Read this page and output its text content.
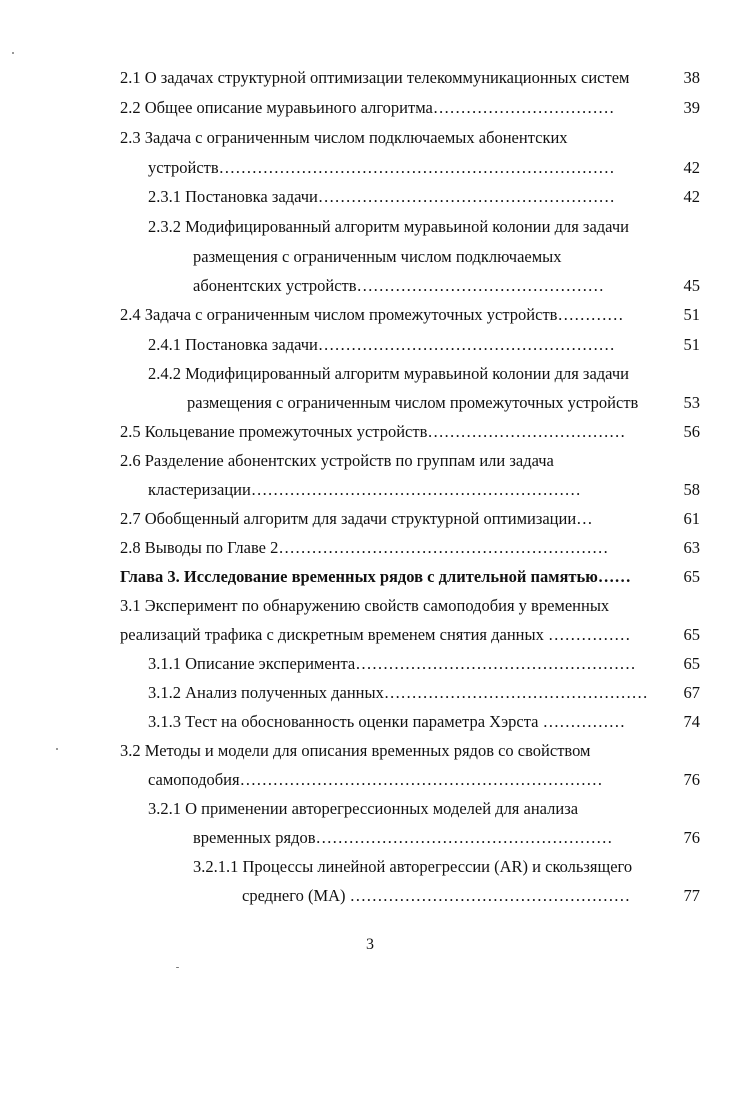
2.1 О задачах структурной оптимизации телекоммуникационных систем	38
2.2 Общее описание муравьиного алгоритма……………………………	39
2.3 Задача с ограниченным числом подключаемых абонентских
устройств………………………………………………………………	42
2.3.1 Постановка задачи………………………………………………	42
2.3.2 Модифицированный алгоритм муравьиной колонии для задачи
размещения с ограниченным числом подключаемых
абонентских устройств………………………………………	45
2.4 Задача с ограниченным числом промежуточных устройств…………	51
2.4.1 Постановка задачи………………………………………………	51
2.4.2 Модифицированный алгоритм муравьиной колонии для задачи
размещения с ограниченным числом промежуточных устройств	53
2.5 Кольцевание промежуточных устройств………………………………	56
2.6 Разделение абонентских устройств по группам или задача
кластеризации……………………………………………………	58
2.7 Обобщенный алгоритм для задачи структурной оптимизации…	61
2.8 Выводы по Главе 2……………………………………………………	63
Глава 3. Исследование временных рядов с длительной памятью……	65
3.1 Эксперимент по обнаружению свойств самоподобия у временных
реализаций трафика с дискретным временем снятия данных ……………	65
3.1.1 Описание эксперимента……………………………………………	65
3.1.2 Анализ полученных данных…………………………………………	67
3.1.3 Тест на обоснованность оценки параметра Хэрста ……………	74
3.2 Методы и модели для описания временных рядов со свойством
самоподобия…………………………………………………………	76
3.2.1 О применении авторегрессионных моделей для анализа
временных рядов………………………………………………	76
3.2.1.1 Процессы линейной авторегрессии (AR) и скользящего
среднего (MA) ……………………………………………	77
3
